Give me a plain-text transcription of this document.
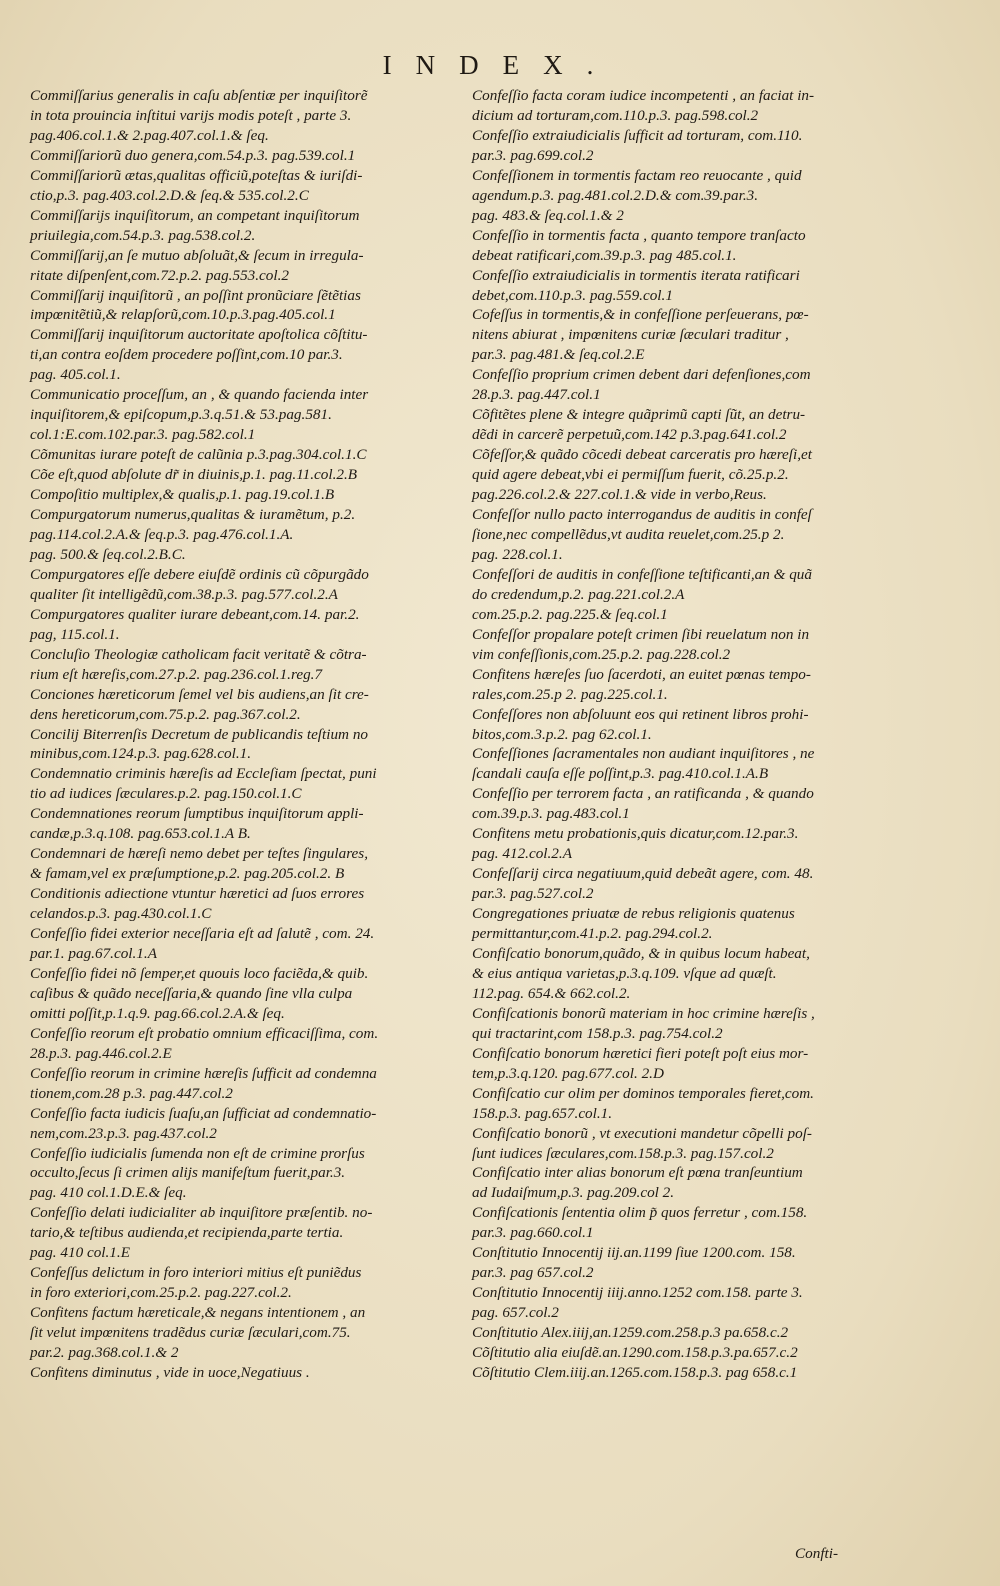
INDEX.
Commiſſarius generalis in caſu abſentiæ per inquiſitorẽ
in tota prouincia inſtitui varijs modis poteſt , parte 3.
pag.406.col.1.& 2.pag.407.col.1.& ſeq.
Commiſſariorũ duo genera,com.54.p.3. pag.539.col.1
Commiſſariorũ ætas,qualitas officiũ,poteſtas & iuriſdi-
ctio,p.3. pag.403.col.2.D.& ſeq.& 535.col.2.C
Commiſſarijs inquiſitorum, an competant inquiſitorum
priuilegia,com.54.p.3. pag.538.col.2.
Commiſſarij,an ſe mutuo abſoluãt,& ſecum in irregula-
ritate diſpenſent,com.72.p.2. pag.553.col.2
Commiſſarij inquiſitorũ , an poſſint pronũciare ſẽtẽtias
impœnitẽtiũ,& relapſorũ,com.10.p.3.pag.405.col.1
Commiſſarij inquiſitorum auctoritate apoſtolica cõſtitu-
ti,an contra eoſdem procedere poſſint,com.10 par.3.
pag. 405.col.1.
Communicatio proceſſum, an , & quando facienda inter
inquiſitorem,& epiſcopum,p.3.q.51.& 53.pag.581.
col.1:E.com.102.par.3. pag.582.col.1
Cõmunitas iurare poteſt de calũnia p.3.pag.304.col.1.C
Cõe eſt,quod abſolute dr̃ in diuinis,p.1. pag.11.col.2.B
Compoſitio multiplex,& qualis,p.1. pag.19.col.1.B
Compurgatorum numerus,qualitas & iuramẽtum, p.2.
pag.114.col.2.A.& ſeq.p.3. pag.476.col.1.A.
pag. 500.& ſeq.col.2.B.C.
Compurgatores eſſe debere eiuſdẽ ordinis cũ cõpurgãdo
qualiter ſit intelligẽdũ,com.38.p.3. pag.577.col.2.A
Compurgatores qualiter iurare debeant,com.14. par.2.
pag, 115.col.1.
Concluſio Theologiæ catholicam facit veritatẽ & cõtra-
rium eſt hæreſis,com.27.p.2. pag.236.col.1.reg.7
Conciones hæreticorum ſemel vel bis audiens,an ſit cre-
dens hereticorum,com.75.p.2. pag.367.col.2.
Concilij Biterrenſis Decretum de publicandis teſtium no
minibus,com.124.p.3. pag.628.col.1.
Condemnatio criminis hæreſis ad Eccleſiam ſpectat, puni
tio ad iudices ſæculares.p.2. pag.150.col.1.C
Condemnationes reorum ſumptibus inquiſitorum appli-
candæ,p.3.q.108. pag.653.col.1.A B.
Condemnari de hæreſi nemo debet per teſtes ſingulares,
& famam,vel ex præſumptione,p.2. pag.205.col.2. B
Conditionis adiectione vtuntur hæretici ad ſuos errores
celandos.p.3. pag.430.col.1.C
Confeſſio fidei exterior neceſſaria eſt ad ſalutẽ , com. 24.
par.1. pag.67.col.1.A
Confeſſio fidei nõ ſemper,et quouis loco faciẽda,& quib.
caſibus & quãdo neceſſaria,& quando ſine vlla culpa
omitti poſſit,p.1.q.9. pag.66.col.2.A.& ſeq.
Confeſſio reorum eſt probatio omnium efficaciſſima, com.
28.p.3. pag.446.col.2.E
Confeſſio reorum in crimine hæreſis ſufficit ad condemna
tionem,com.28 p.3. pag.447.col.2
Confeſſio facta iudicis ſuaſu,an ſufficiat ad condemnatio-
nem,com.23.p.3. pag.437.col.2
Confeſſio iudicialis ſumenda non eſt de crimine prorſus
occulto,ſecus ſi crimen alijs manifeſtum fuerit,par.3.
pag. 410 col.1.D.E.& ſeq.
Confeſſio delati iudicialiter ab inquiſitore præſentib. no-
tario,& teſtibus audienda,et recipienda,parte tertia.
pag. 410 col.1.E
Confeſſus delictum in foro interiori mitius eſt puniẽdus
in foro exteriori,com.25.p.2. pag.227.col.2.
Confitens factum hæreticale,& negans intentionem , an
ſit velut impœnitens tradẽdus curiæ ſæculari,com.75.
par.2. pag.368.col.1.& 2
Confitens diminutus , vide in uoce,Negatiuus .
Confeſſio facta coram iudice incompetenti , an faciat in-
dicium ad torturam,com.110.p.3. pag.598.col.2
Confeſſio extraiudicialis ſufficit ad torturam, com.110.
par.3. pag.699.col.2
Confeſſionem in tormentis factam reo reuocante , quid
agendum.p.3. pag.481.col.2.D.& com.39.par.3.
pag. 483.& ſeq.col.1.& 2
Confeſſio in tormentis facta , quanto tempore tranſacto
debeat ratificari,com.39.p.3. pag 485.col.1.
Confeſſio extraiudicialis in tormentis iterata ratificari
debet,com.110.p.3. pag.559.col.1
Cofeſſus in tormentis,& in confeſſione perſeuerans, pœ-
nitens abiurat , impœnitens curiæ ſæculari traditur ,
par.3. pag.481.& ſeq.col.2.E
Confeſſio proprium crimen debent dari defenſiones,com
28.p.3. pag.447.col.1
Cõfitẽtes plene & integre quãprimũ capti ſũt, an detru-
dẽdi in carcerẽ perpetuũ,com.142 p.3.pag.641.col.2
Cõfeſſor,& quãdo cõcedi debeat carceratis pro hæreſi,et
quid agere debeat,vbi ei permiſſum fuerit, cõ.25.p.2.
pag.226.col.2.& 227.col.1.& vide in verbo,Reus.
Confeſſor nullo pacto interrogandus de auditis in confeſ
ſione,nec compellẽdus,vt audita reuelet,com.25.p 2.
pag. 228.col.1.
Confeſſori de auditis in confeſſione teſtificanti,an & quã
do credendum,p.2. pag.221.col.2.A
com.25.p.2. pag.225.& ſeq.col.1
Confeſſor propalare poteſt crimen ſibi reuelatum non in
vim confeſſionis,com.25.p.2. pag.228.col.2
Confitens hæreſes ſuo ſacerdoti, an euitet pœnas tempo-
rales,com.25.p 2. pag.225.col.1.
Confeſſores non abſoluunt eos qui retinent libros prohi-
bitos,com.3.p.2. pag 62.col.1.
Confeſſiones ſacramentales non audiant inquiſitores , ne
ſcandali cauſa eſſe poſſint,p.3. pag.410.col.1.A.B
Confeſſio per terrorem facta , an ratificanda , & quando
com.39.p.3. pag.483.col.1
Confitens metu probationis,quis dicatur,com.12.par.3.
pag. 412.col.2.A
Confeſſarij circa negatiuum,quid debeãt agere, com. 48.
par.3. pag.527.col.2
Congregationes priuatæ de rebus religionis quatenus
permittantur,com.41.p.2. pag.294.col.2.
Confiſcatio bonorum,quãdo, & in quibus locum habeat,
& eius antiqua varietas,p.3.q.109. vſque ad quæſt.
112.pag. 654.& 662.col.2.
Confiſcationis bonorũ materiam in hoc crimine hæreſis ,
qui tractarint,com 158.p.3. pag.754.col.2
Confiſcatio bonorum hæretici fieri poteſt poſt eius mor-
tem,p.3.q.120. pag.677.col. 2.D
Confiſcatio cur olim per dominos temporales fieret,com.
158.p.3. pag.657.col.1.
Confiſcatio bonorũ , vt executioni mandetur cõpelli poſ-
ſunt iudices ſæculares,com.158.p.3. pag.157.col.2
Confiſcatio inter alias bonorum eſt pœna tranſeuntium
ad Iudaiſmum,p.3. pag.209.col 2.
Confiſcationis ſententia olim p̃ quos ferretur , com.158.
par.3. pag.660.col.1
Conſtitutio Innocentij iij.an.1199 ſiue 1200.com. 158.
par.3. pag 657.col.2
Conſtitutio Innocentij iiij.anno.1252 com.158. parte 3.
pag. 657.col.2
Conſtitutio Alex.iiij,an.1259.com.258.p.3 pa.658.c.2
Cõſtitutio alia eiuſdẽ.an.1290.com.158.p.3.pa.657.c.2
Cõſtitutio Clem.iiij.an.1265.com.158.p.3. pag 658.c.1
Confti-
